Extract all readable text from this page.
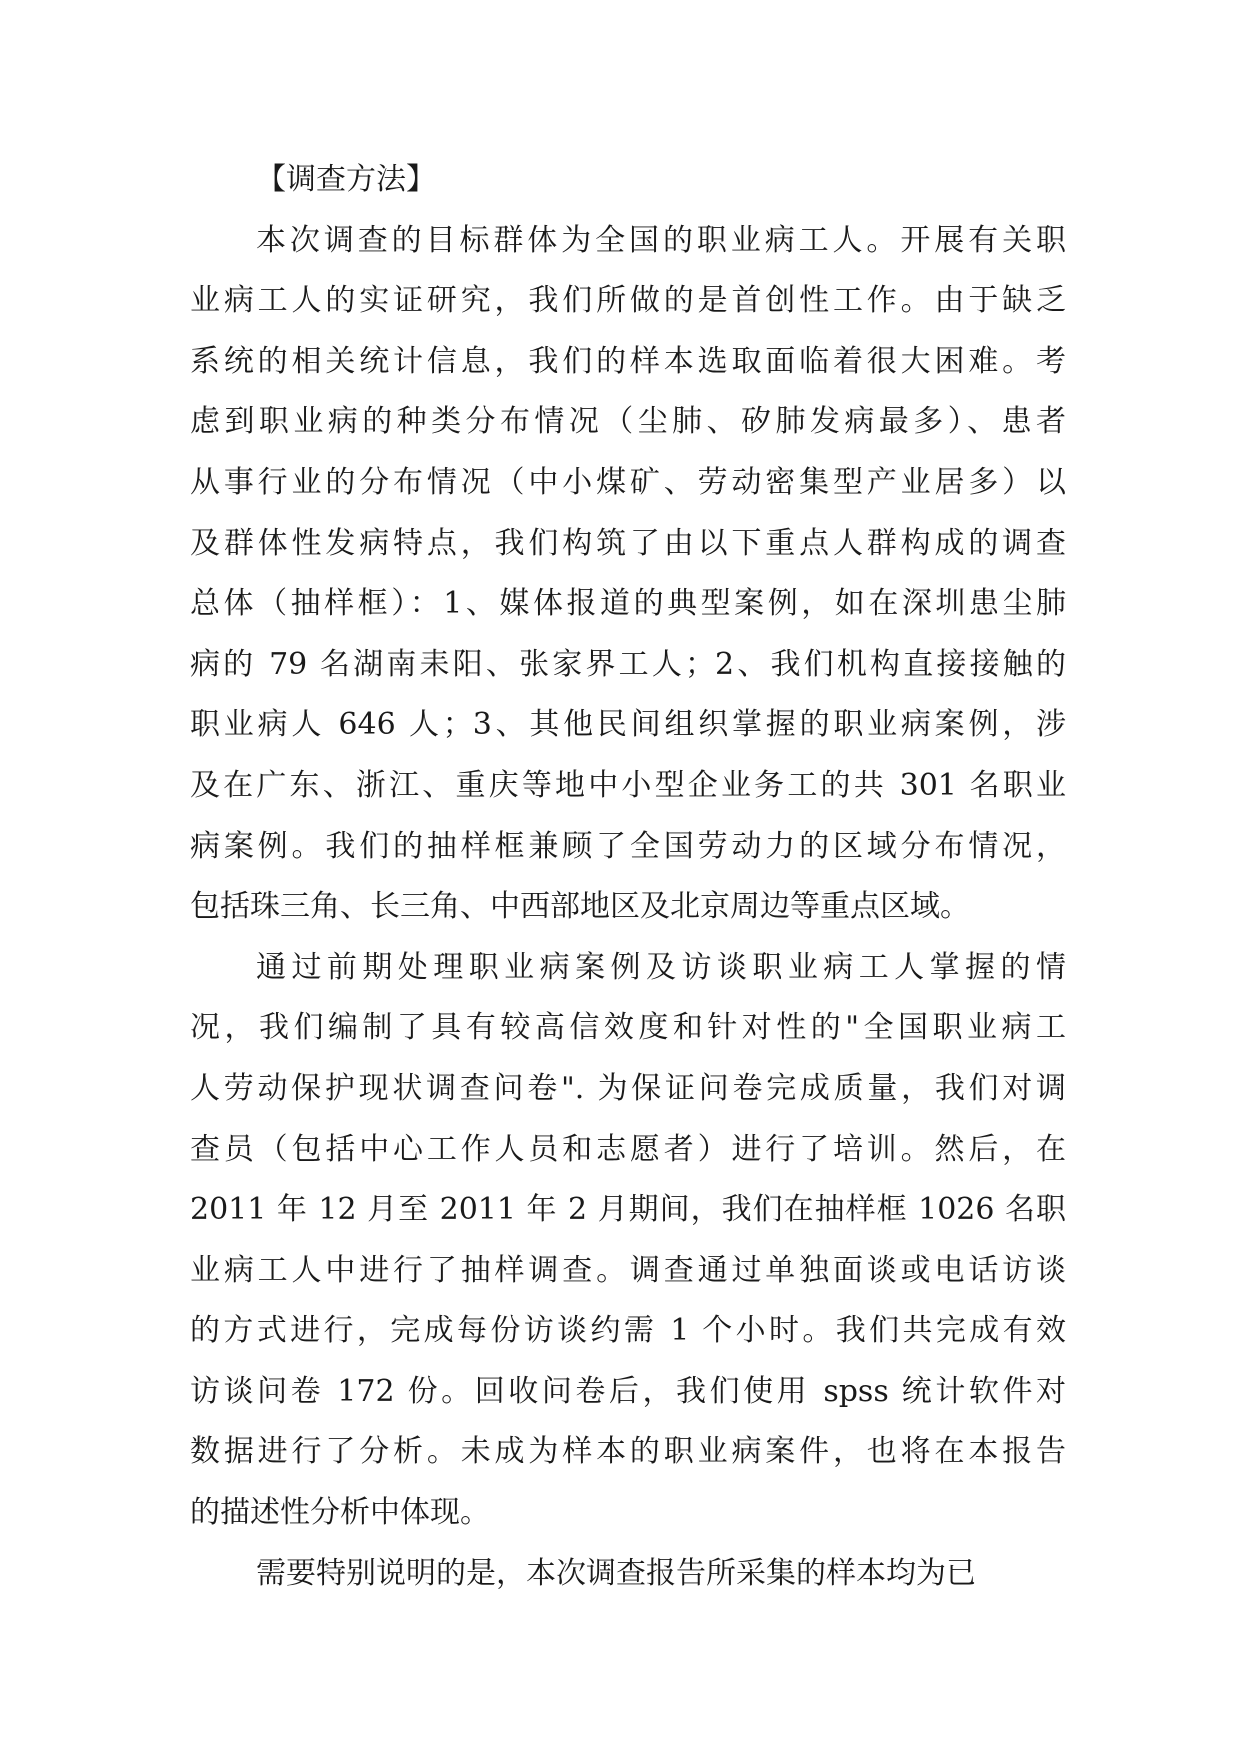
【调查方法】
本次调查的目标群体为全国的职业病工人。开展有关职
业病工人的实证研究，我们所做的是首创性工作。由于缺乏
系统的相关统计信息，我们的样本选取面临着很大困难。考
虑到职业病的种类分布情况（尘肺、矽肺发病最多）、患者
从事行业的分布情况（中小煤矿、劳动密集型产业居多）以
及群体性发病特点，我们构筑了由以下重点人群构成的调查
总体（抽样框）：1、媒体报道的典型案例，如在深圳患尘肺
病的 79 名湖南耒阳、张家界工人；2、我们机构直接接触的
职业病人 646 人；3、其他民间组织掌握的职业病案例，涉
及在广东、浙江、重庆等地中小型企业务工的共 301 名职业
病案例。我们的抽样框兼顾了全国劳动力的区域分布情况，
包括珠三角、长三角、中西部地区及北京周边等重点区域。
通过前期处理职业病案例及访谈职业病工人掌握的情
况，我们编制了具有较高信效度和针对性的"全国职业病工
人劳动保护现状调查问卷". 为保证问卷完成质量，我们对调
查员（包括中心工作人员和志愿者）进行了培训。然后，在
2011 年 12 月至 2011 年 2 月期间，我们在抽样框 1026 名职
业病工人中进行了抽样调查。调查通过单独面谈或电话访谈
的方式进行，完成每份访谈约需 1 个小时。我们共完成有效
访谈问卷 172 份。回收问卷后，我们使用 spss 统计软件对
数据进行了分析。未成为样本的职业病案件，也将在本报告
的描述性分析中体现。
需要特别说明的是，本次调查报告所采集的样本均为已
